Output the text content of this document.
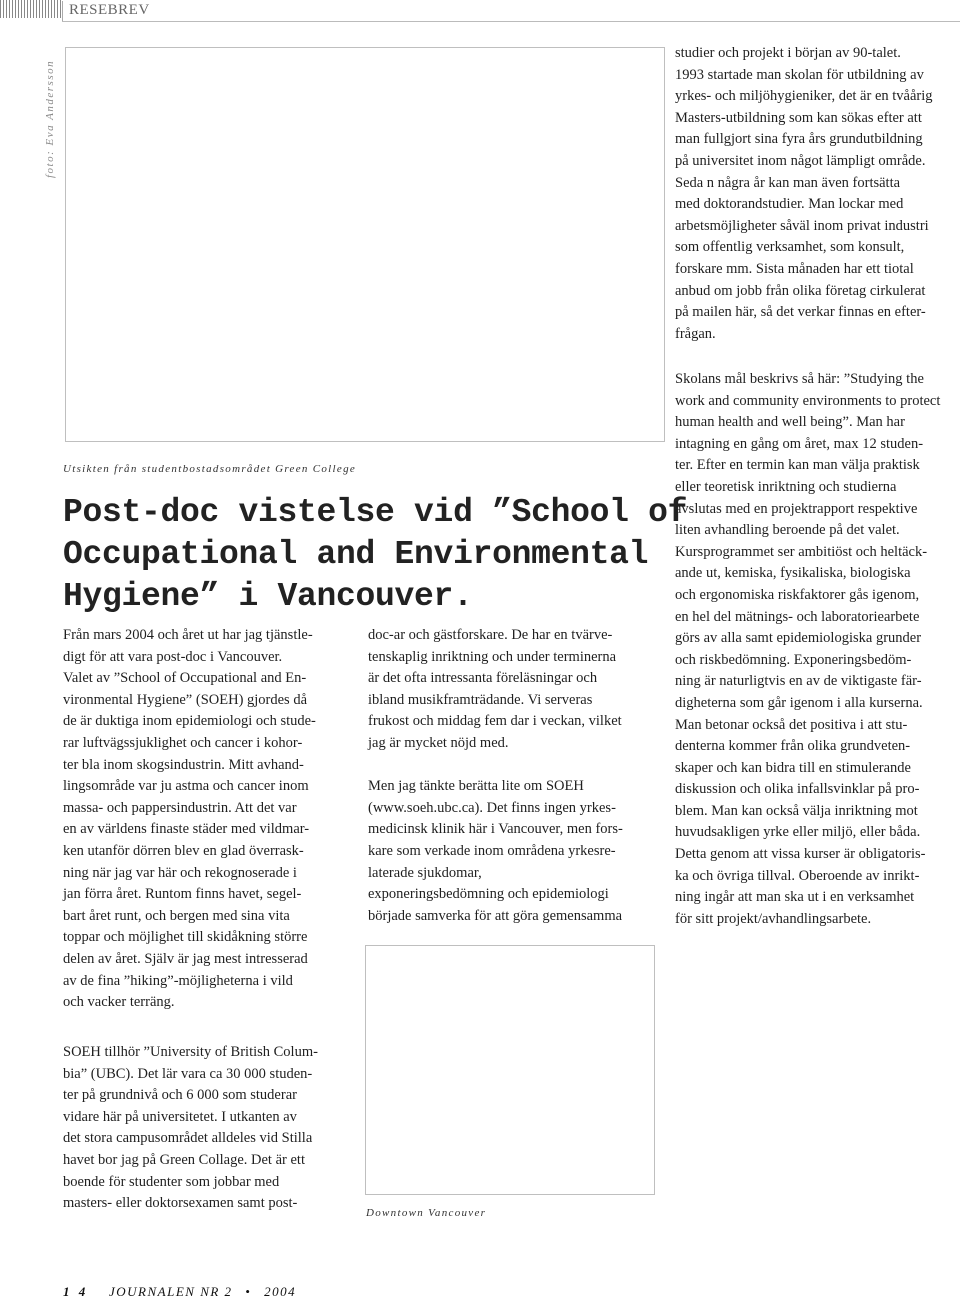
RESEBREV
foto: Eva Andersson
Utsikten från studentbostadsområdet Green College
Post-doc vistelse vid ”School of
Occupational and Environmental
Hygiene” i Vancouver.

Från mars 2004 och året ut har jag tjänstle-
digt för att vara post-doc i Vancouver.
Valet av ”School of Occupational and En-
vironmental Hygiene” (SOEH) gjordes då
de är duktiga inom epidemiologi och stude-
rar luftvägssjuklighet och cancer i kohor-
ter bla inom skogsindustrin. Mitt avhand-
lingsområde var ju astma och cancer inom
massa- och pappersindustrin. Att det var
en av världens finaste städer med vildmar-
ken utanför dörren blev en glad överrask-
ning när jag var här och rekognoserade i
jan förra året. Runtom finns havet, segel-
bart året runt, och bergen med sina vita
toppar och möjlighet till skidåkning större
delen av året. Själv är jag mest intresserad
av de fina ”hiking”-möjligheterna i vild
och vacker terräng.

SOEH tillhör ”University of British Colum-
bia” (UBC). Det lär vara ca 30 000 studen-
ter på grundnivå och 6 000 som studerar
vidare här på universitetet. I utkanten av
det stora campusområdet alldeles vid Stilla
havet bor jag på Green Collage. Det är ett
boende för studenter som jobbar med
masters- eller doktorsexamen samt post-

doc-ar och gästforskare. De har en tvärve-
tenskaplig inriktning och under terminerna
är det ofta intressanta föreläsningar och
ibland musikframträdande. Vi serveras
frukost och middag fem dar i veckan, vilket
jag är mycket nöjd med.

Men jag tänkte berätta lite om SOEH
(www.soeh.ubc.ca). Det finns ingen yrkes-
medicinsk klinik här i Vancouver, men fors-
kare som verkade inom områdena yrkesre-
laterade sjukdomar,
exponeringsbedömning och epidemiologi
började samverka för att göra gemensamma

Downtown Vancouver

studier och projekt i början av 90-talet.
1993 startade man skolan för utbildning av
yrkes- och miljöhygieniker, det är en tvåårig
Masters-utbildning som kan sökas efter att
man fullgjort sina fyra års grundutbildning
på universitet inom något lämpligt område.
Seda n några år kan man även fortsätta
med doktorandstudier. Man lockar med
arbetsmöjligheter såväl inom privat industri
som offentlig verksamhet, som konsult,
forskare mm. Sista månaden har ett tiotal
anbud om jobb från olika företag cirkulerat
på mailen här, så det verkar finnas en efter-
frågan.

Skolans mål beskrivs så här: ”Studying the
work and community environments to protect
human health and well being”. Man har
intagning en gång om året, max 12 studen-
ter. Efter en termin kan man välja praktisk
eller teoretisk inriktning och studierna
avslutas med en projektrapport respektive
liten avhandling beroende på det valet.
Kursprogrammet ser ambitiöst och heltäck-
ande ut, kemiska, fysikaliska, biologiska
och ergonomiska riskfaktorer gås igenom,
en hel del mätnings- och laboratoriearbete
görs av alla samt epidemiologiska grunder
och riskbedömning. Exponeringsbedöm-
ning är naturligtvis en av de viktigaste fär-
digheterna som går igenom i alla kurserna.
Man betonar också det positiva i att stu-
denterna kommer från olika grundveten-
skaper och kan bidra till en stimulerande
diskussion och olika infallsvinklar på pro-
blem. Man kan också välja inriktning mot
huvudsakligen yrke eller miljö, eller båda.
Detta genom att vissa kurser är obligatoris-
ka och övriga tillval. Oberoende av inrikt-
ning ingår att man ska ut i en verksamhet
för sitt projekt/avhandlingsarbete.

1 4 JOURNALEN NR 2 • 2004
